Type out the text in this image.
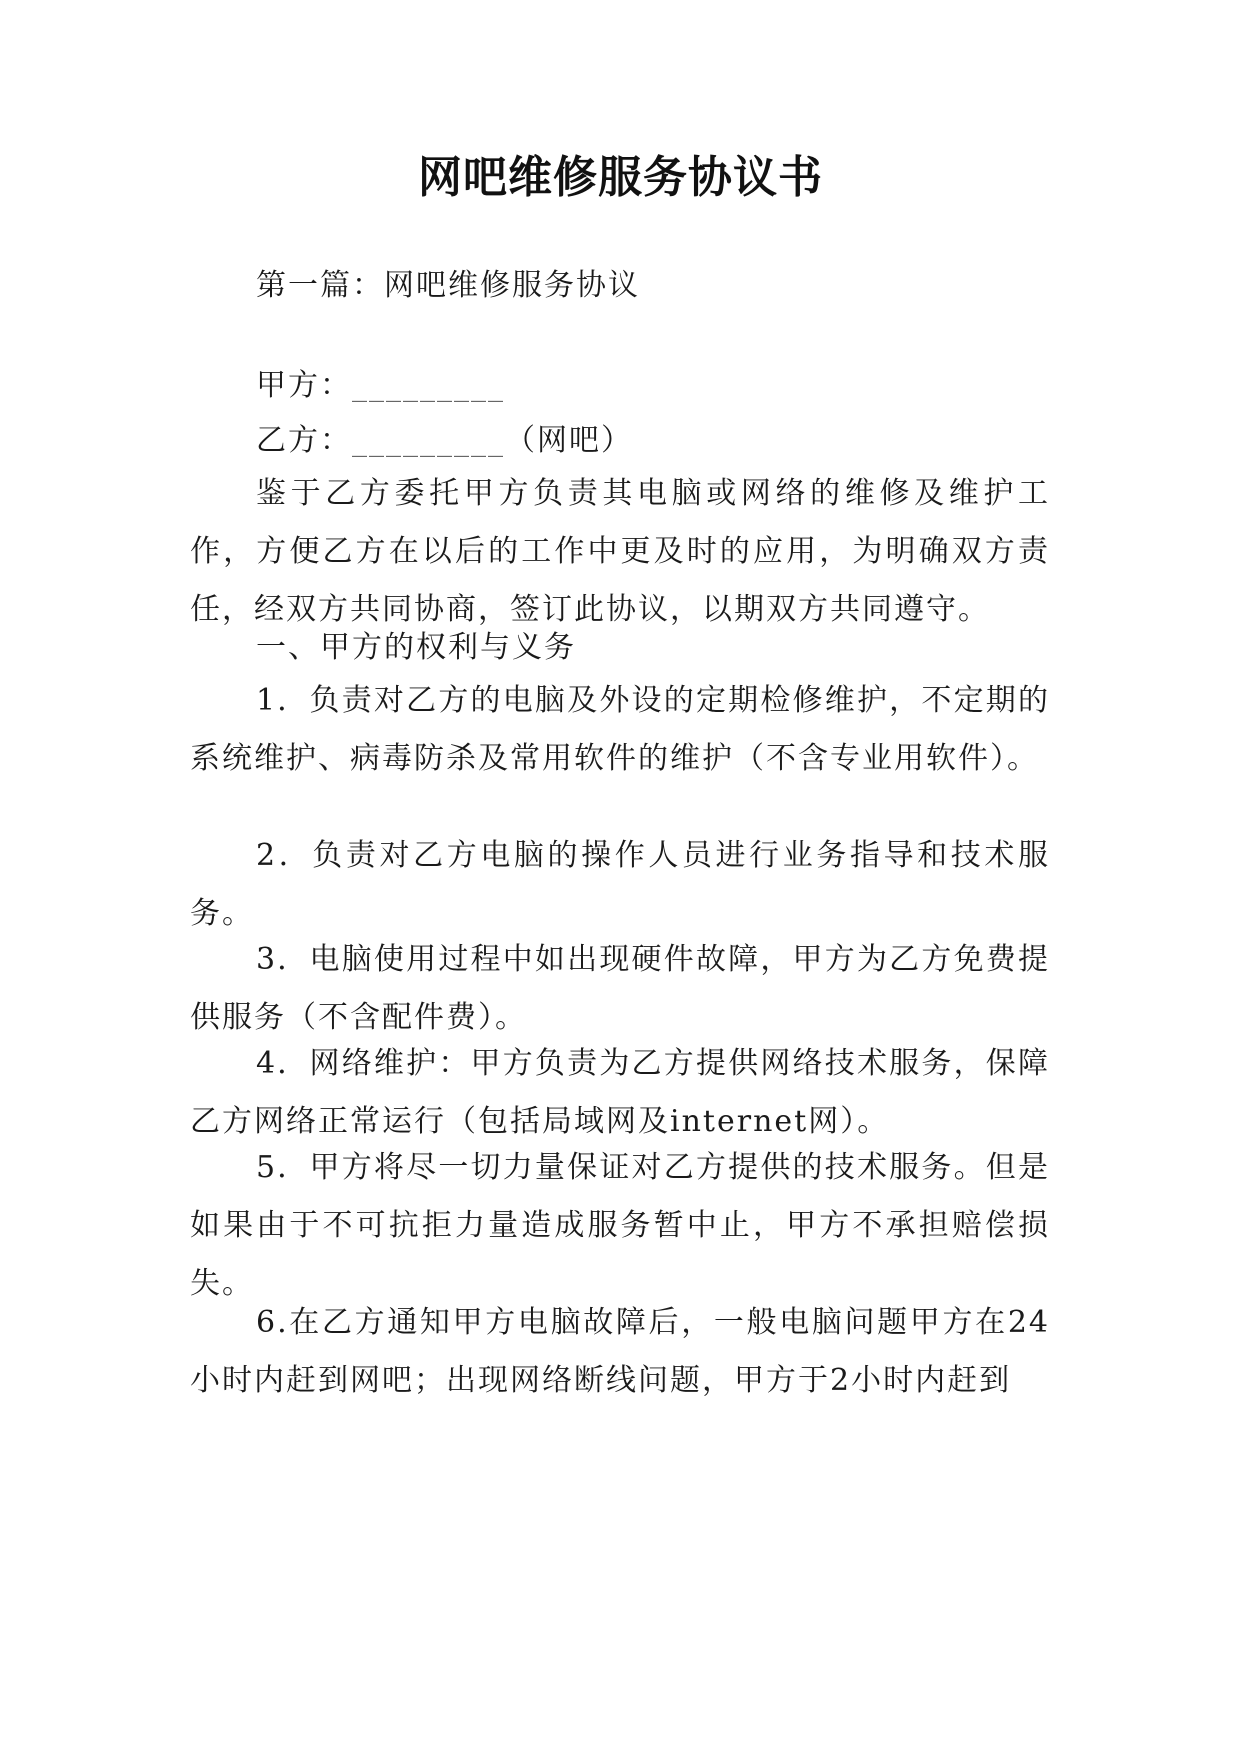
网吧维修服务协议书
第一篇：网吧维修服务协议
甲方：_________
乙方：_________（网吧）
鉴于乙方委托甲方负责其电脑或网络的维修及维护工作，方便乙方在以后的工作中更及时的应用，为明确双方责任，经双方共同协商，签订此协议，以期双方共同遵守。
一、甲方的权利与义务
1．负责对乙方的电脑及外设的定期检修维护，不定期的系统维护、病毒防杀及常用软件的维护（不含专业用软件）。
2．负责对乙方电脑的操作人员进行业务指导和技术服务。
3．电脑使用过程中如出现硬件故障，甲方为乙方免费提供服务（不含配件费）。
4．网络维护：甲方负责为乙方提供网络技术服务，保障乙方网络正常运行（包括局域网及internet网）。
5．甲方将尽一切力量保证对乙方提供的技术服务。但是如果由于不可抗拒力量造成服务暂中止，甲方不承担赔偿损失。
6.在乙方通知甲方电脑故障后，一般电脑问题甲方在24小时内赶到网吧；出现网络断线问题，甲方于2小时内赶到
